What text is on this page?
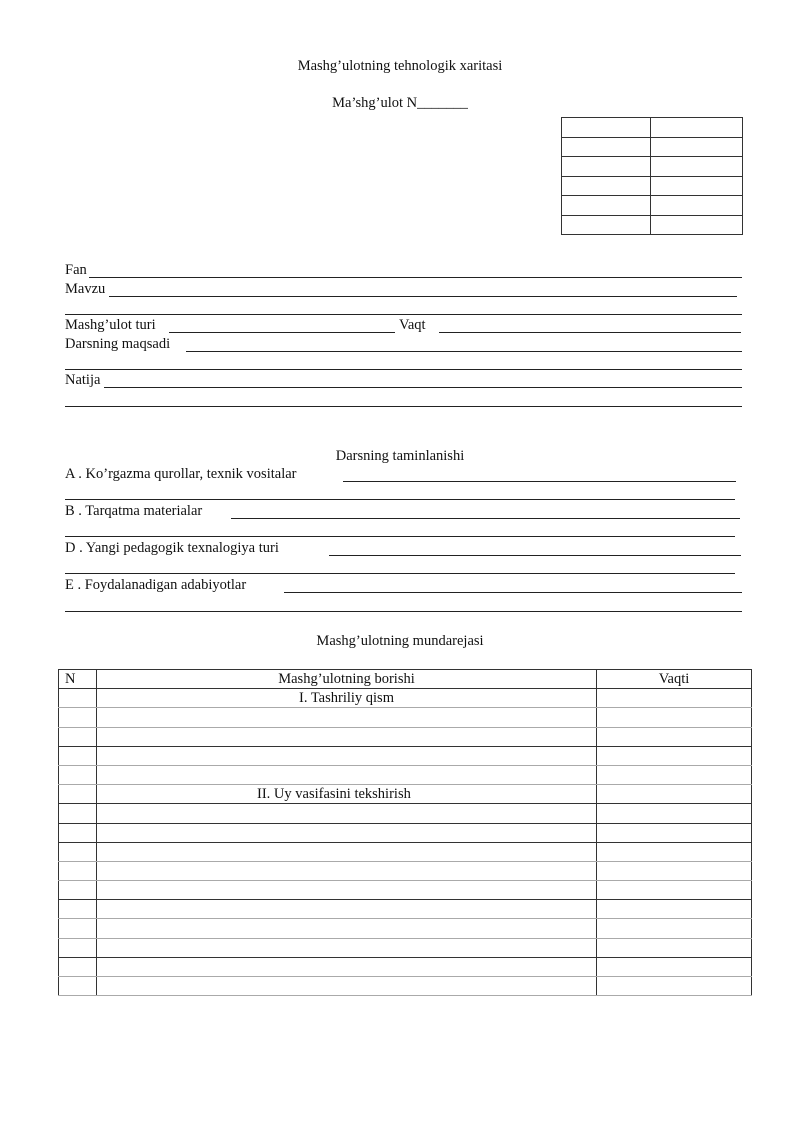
Mashg’ulotning tehnologik xaritasi
Ma’shg’ulot N_______

Fan
Mavzu
Mashg’ulot turi	Vaqt
Darsning maqsadi
Natija
Darsning taminlanishi
A . Ko’rgazma qurollar, texnik vositalar
B . Tarqatma materialar
D . Yangi pedagogik texnalogiya turi
E . Foydalanadigan adabiyotlar
Mashg’ulotning mundarejasi
N	Mashg’ulotning borishi	Vaqti
	I. Tashriliy qism	

	II. Uy vasifasini tekshirish	
